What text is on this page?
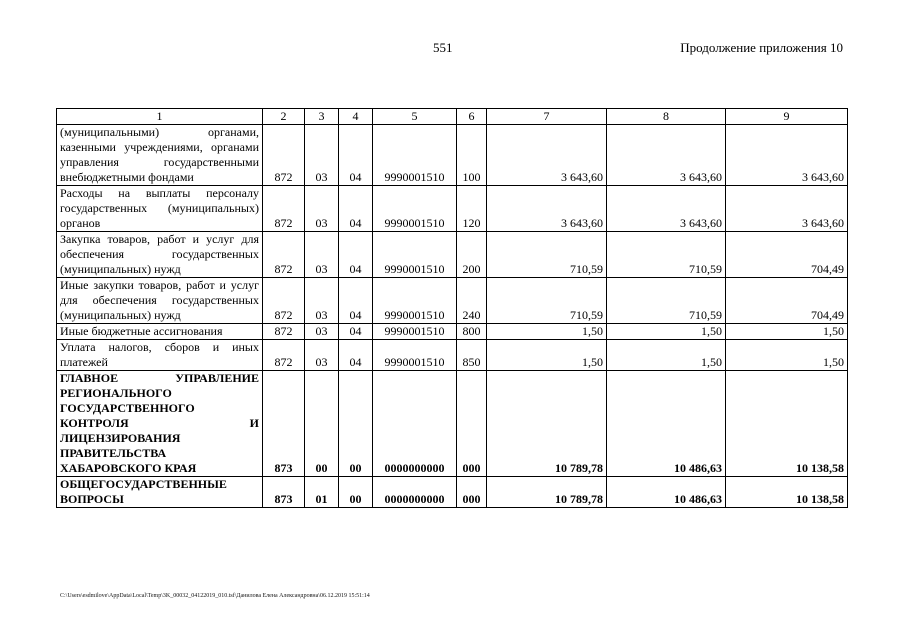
551	Продолжение приложения 10
1	2	3	4	5	6	7	8	9
(муниципальными) органами, казенными учреждениями, органами управления государственными внебюджетными фондами	872	03	04	9990001510	100	3 643,60	3 643,60	3 643,60
Расходы на выплаты персоналу государственных (муниципальных) органов	872	03	04	9990001510	120	3 643,60	3 643,60	3 643,60
Закупка товаров, работ и услуг для обеспечения государственных (муниципальных) нужд	872	03	04	9990001510	200	710,59	710,59	704,49
Иные закупки товаров, работ и услуг для обеспечения государственных (муниципальных) нужд	872	03	04	9990001510	240	710,59	710,59	704,49
Иные бюджетные ассигнования	872	03	04	9990001510	800	1,50	1,50	1,50
Уплата налогов, сборов и иных платежей	872	03	04	9990001510	850	1,50	1,50	1,50
ГЛАВНОЕ УПРАВЛЕНИЕ РЕГИОНАЛЬНОГО ГОСУДАРСТВЕННОГО КОНТРОЛЯ И ЛИЦЕНЗИРОВАНИЯ ПРАВИТЕЛЬСТВА ХАБАРОВСКОГО КРАЯ	873	00	00	0000000000	000	10 789,78	10 486,63	10 138,58
ОБЩЕГОСУДАРСТВЕННЫЕ ВОПРОСЫ	873	01	00	0000000000	000	10 789,78	10 486,63	10 138,58
C:\Users\esdmilove\AppData\Local\Temp\3K_00032_04122019_010.tsf\Данилова Елена Александровна\06.12.2019 15:51:14
